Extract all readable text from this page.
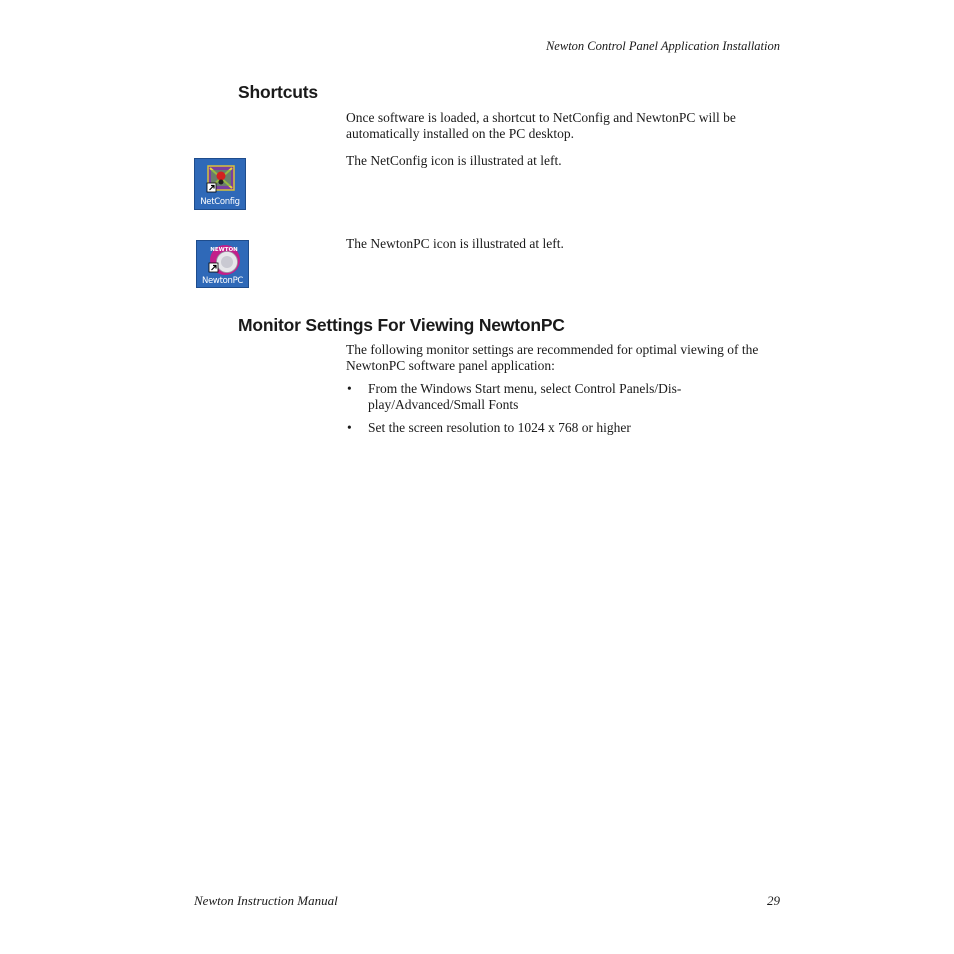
Newton Control Panel Application Installation
Shortcuts
Once software is loaded, a shortcut to NetConfig and NewtonPC will be automatically installed on the PC desktop.
NetConfig
The NetConfig icon is illustrated at left.
NEWTON
NewtonPC
The NewtonPC icon is illustrated at left.
Monitor Settings For Viewing NewtonPC
The following monitor settings are recommended for optimal viewing of the NewtonPC software panel application:
• From the Windows Start menu, select Control Panels/Dis-play/Advanced/Small Fonts
• Set the screen resolution to 1024 x 768 or higher
Newton Instruction Manual	29
